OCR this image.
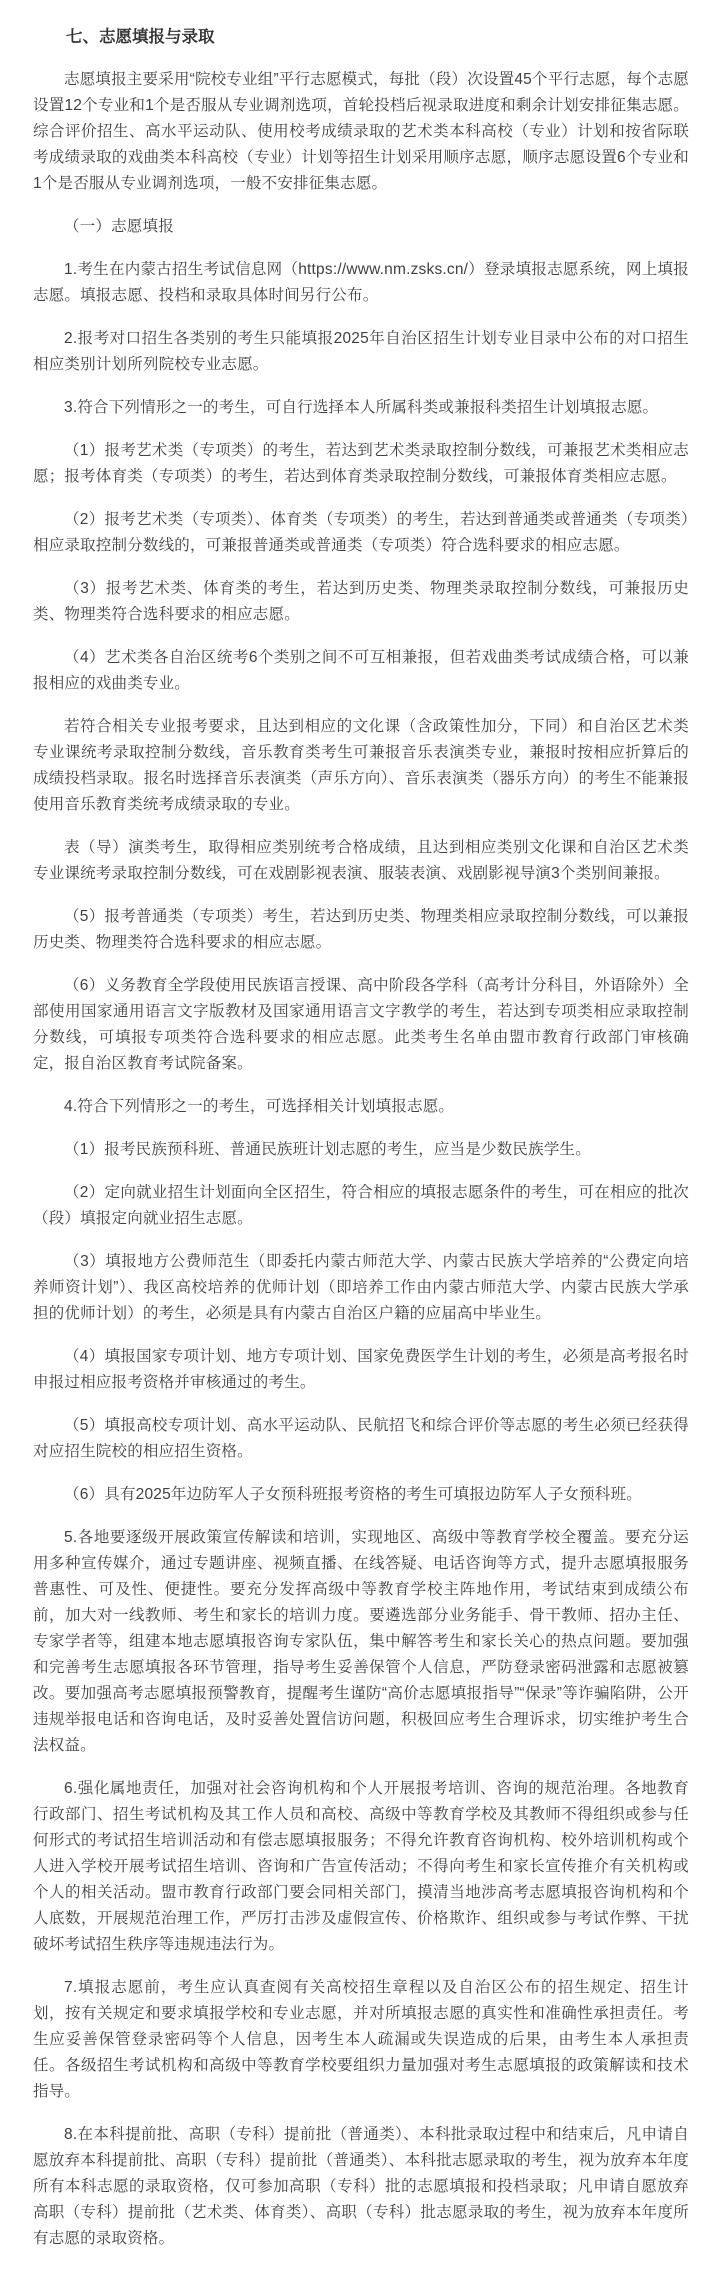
七、志愿填报与录取

志愿填报主要采用“院校专业组”平行志愿模式，每批（段）次设置45个平行志愿，每个志愿设置12个专业和1个是否服从专业调剂选项，首轮投档后视录取进度和剩余计划安排征集志愿。综合评价招生、高水平运动队、使用校考成绩录取的艺术类本科高校（专业）计划和按省际联考成绩录取的戏曲类本科高校（专业）计划等招生计划采用顺序志愿，顺序志愿设置6个专业和1个是否服从专业调剂选项，一般不安排征集志愿。

（一）志愿填报

1.考生在内蒙古招生考试信息网（https://www.nm.zsks.cn/）登录填报志愿系统，网上填报志愿。填报志愿、投档和录取具体时间另行公布。

2.报考对口招生各类别的考生只能填报2025年自治区招生计划专业目录中公布的对口招生相应类别计划所列院校专业志愿。

3.符合下列情形之一的考生，可自行选择本人所属科类或兼报科类招生计划填报志愿。

（1）报考艺术类（专项类）的考生，若达到艺术类录取控制分数线，可兼报艺术类相应志愿；报考体育类（专项类）的考生，若达到体育类录取控制分数线，可兼报体育类相应志愿。

（2）报考艺术类（专项类）、体育类（专项类）的考生，若达到普通类或普通类（专项类）相应录取控制分数线的，可兼报普通类或普通类（专项类）符合选科要求的相应志愿。

（3）报考艺术类、体育类的考生，若达到历史类、物理类录取控制分数线，可兼报历史类、物理类符合选科要求的相应志愿。

（4）艺术类各自治区统考6个类别之间不可互相兼报，但若戏曲类考试成绩合格，可以兼报相应的戏曲类专业。

若符合相关专业报考要求，且达到相应的文化课（含政策性加分，下同）和自治区艺术类专业课统考录取控制分数线，音乐教育类考生可兼报音乐表演类专业，兼报时按相应折算后的成绩投档录取。报名时选择音乐表演类（声乐方向）、音乐表演类（器乐方向）的考生不能兼报使用音乐教育类统考成绩录取的专业。

表（导）演类考生，取得相应类别统考合格成绩，且达到相应类别文化课和自治区艺术类专业课统考录取控制分数线，可在戏剧影视表演、服装表演、戏剧影视导演3个类别间兼报。

（5）报考普通类（专项类）考生，若达到历史类、物理类相应录取控制分数线，可以兼报历史类、物理类符合选科要求的相应志愿。

（6）义务教育全学段使用民族语言授课、高中阶段各学科（高考计分科目，外语除外）全部使用国家通用语言文字版教材及国家通用语言文字教学的考生，若达到专项类相应录取控制分数线，可填报专项类符合选科要求的相应志愿。此类考生名单由盟市教育行政部门审核确定，报自治区教育考试院备案。

4.符合下列情形之一的考生，可选择相关计划填报志愿。

（1）报考民族预科班、普通民族班计划志愿的考生，应当是少数民族学生。

（2）定向就业招生计划面向全区招生，符合相应的填报志愿条件的考生，可在相应的批次（段）填报定向就业招生志愿。

（3）填报地方公费师范生（即委托内蒙古师范大学、内蒙古民族大学培养的“公费定向培养师资计划”）、我区高校培养的优师计划（即培养工作由内蒙古师范大学、内蒙古民族大学承担的优师计划）的考生，必须是具有内蒙古自治区户籍的应届高中毕业生。

（4）填报国家专项计划、地方专项计划、国家免费医学生计划的考生，必须是高考报名时申报过相应报考资格并审核通过的考生。

（5）填报高校专项计划、高水平运动队、民航招飞和综合评价等志愿的考生必须已经获得对应招生院校的相应招生资格。

（6）具有2025年边防军人子女预科班报考资格的考生可填报边防军人子女预科班。

5.各地要逐级开展政策宣传解读和培训，实现地区、高级中等教育学校全覆盖。要充分运用多种宣传媒介，通过专题讲座、视频直播、在线答疑、电话咨询等方式，提升志愿填报服务普惠性、可及性、便捷性。要充分发挥高级中等教育学校主阵地作用，考试结束到成绩公布前，加大对一线教师、考生和家长的培训力度。要遴选部分业务能手、骨干教师、招办主任、专家学者等，组建本地志愿填报咨询专家队伍，集中解答考生和家长关心的热点问题。要加强和完善考生志愿填报各环节管理，指导考生妥善保管个人信息，严防登录密码泄露和志愿被篡改。要加强高考志愿填报预警教育，提醒考生谨防“高价志愿填报指导”“保录”等诈骗陷阱，公开违规举报电话和咨询电话，及时妥善处置信访问题，积极回应考生合理诉求，切实维护考生合法权益。

6.强化属地责任，加强对社会咨询机构和个人开展报考培训、咨询的规范治理。各地教育行政部门、招生考试机构及其工作人员和高校、高级中等教育学校及其教师不得组织或参与任何形式的考试招生培训活动和有偿志愿填报服务；不得允许教育咨询机构、校外培训机构或个人进入学校开展考试招生培训、咨询和广告宣传活动；不得向考生和家长宣传推介有关机构或个人的相关活动。盟市教育行政部门要会同相关部门，摸清当地涉高考志愿填报咨询机构和个人底数，开展规范治理工作，严厉打击涉及虚假宣传、价格欺诈、组织或参与考试作弊、干扰破坏考试招生秩序等违规违法行为。

7.填报志愿前，考生应认真查阅有关高校招生章程以及自治区公布的招生规定、招生计划，按有关规定和要求填报学校和专业志愿，并对所填报志愿的真实性和准确性承担责任。考生应妥善保管登录密码等个人信息，因考生本人疏漏或失误造成的后果，由考生本人承担责任。各级招生考试机构和高级中等教育学校要组织力量加强对考生志愿填报的政策解读和技术指导。

8.在本科提前批、高职（专科）提前批（普通类）、本科批录取过程中和结束后，凡申请自愿放弃本科提前批、高职（专科）提前批（普通类）、本科批志愿录取的考生，视为放弃本年度所有本科志愿的录取资格，仅可参加高职（专科）批的志愿填报和投档录取；凡申请自愿放弃高职（专科）提前批（艺术类、体育类）、高职（专科）批志愿录取的考生，视为放弃本年度所有志愿的录取资格。
